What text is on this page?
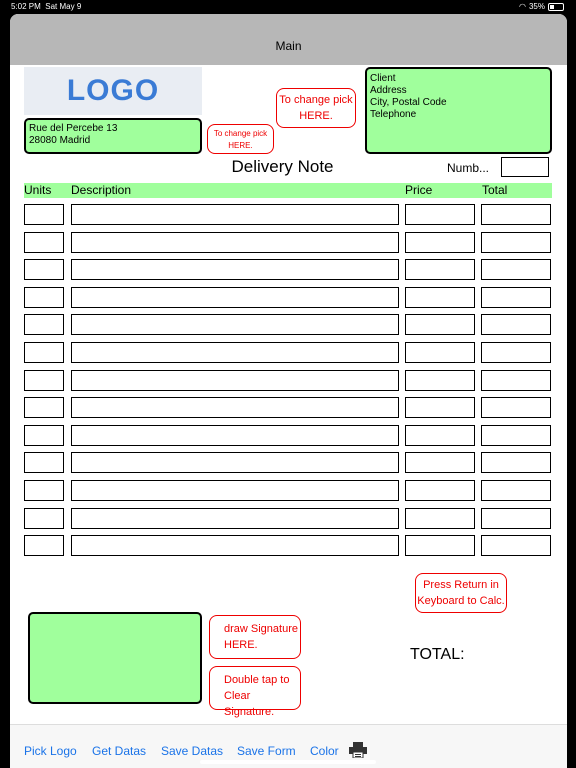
5:02 PM Sat May 9	◠ 35%
Main
LOGO
Rue del Percebe 13
28080 Madrid
Client
Address
City, Postal Code
Telephone
To change pick
HERE.
To change pick
HERE.
Delivery Note	Numb...
Units Description	Price	Total
Press Return in
Keyboard to Calc.
draw Signature
HERE.
Double tap to
Clear Signature.
TOTAL:
Pick Logo Get Datas Save Datas Save Form Color
